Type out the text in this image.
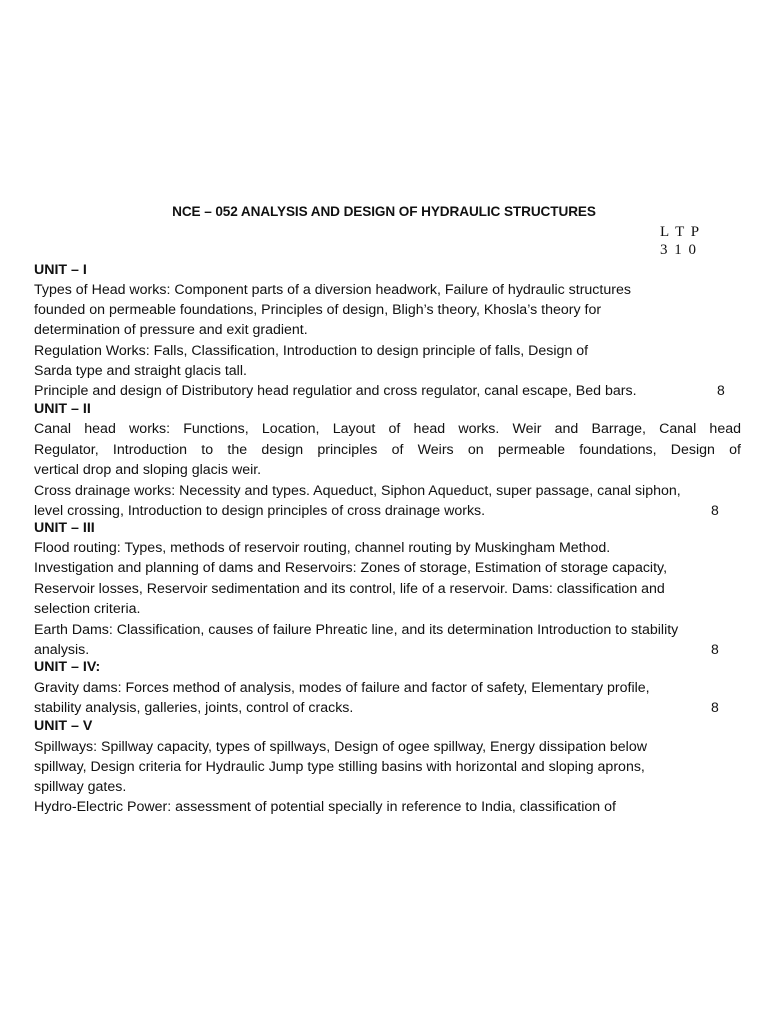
NCE – 052 ANALYSIS AND DESIGN OF HYDRAULIC STRUCTURES
L T P
3 1 0
UNIT – I
Types of Head works: Component parts of a diversion headwork, Failure of hydraulic structures
founded on permeable foundations, Principles of design, Bligh’s theory, Khosla’s theory for
determination of pressure and exit gradient.
Regulation Works: Falls, Classification, Introduction to design principle of falls, Design of
Sarda type and straight glacis tall.
Principle and design of Distributory head regulatior and cross regulator, canal escape, Bed bars.	8
UNIT – II
Canal head works: Functions, Location, Layout of head works. Weir and Barrage, Canal head
Regulator, Introduction to the design principles of Weirs on permeable foundations, Design of
vertical drop and sloping glacis weir.
Cross drainage works: Necessity and types. Aqueduct, Siphon Aqueduct, super passage, canal siphon,
level crossing, Introduction to design principles of cross drainage works.	8
UNIT – III
Flood routing: Types, methods of reservoir routing, channel routing by Muskingham Method.
Investigation and planning of dams and Reservoirs: Zones of storage, Estimation of storage capacity,
Reservoir losses, Reservoir sedimentation and its control, life of a reservoir. Dams: classification and
selection criteria.
Earth Dams: Classification, causes of failure Phreatic line, and its determination Introduction to stability
analysis.	8
UNIT – IV:
Gravity dams: Forces method of analysis, modes of failure and factor of safety, Elementary profile,
stability analysis, galleries, joints, control of cracks.	8
UNIT – V
Spillways: Spillway capacity, types of spillways, Design of ogee spillway, Energy dissipation below
spillway, Design criteria for Hydraulic Jump type stilling basins with horizontal and sloping aprons,
spillway gates.
Hydro-Electric Power: assessment of potential specially in reference to India, classification of
